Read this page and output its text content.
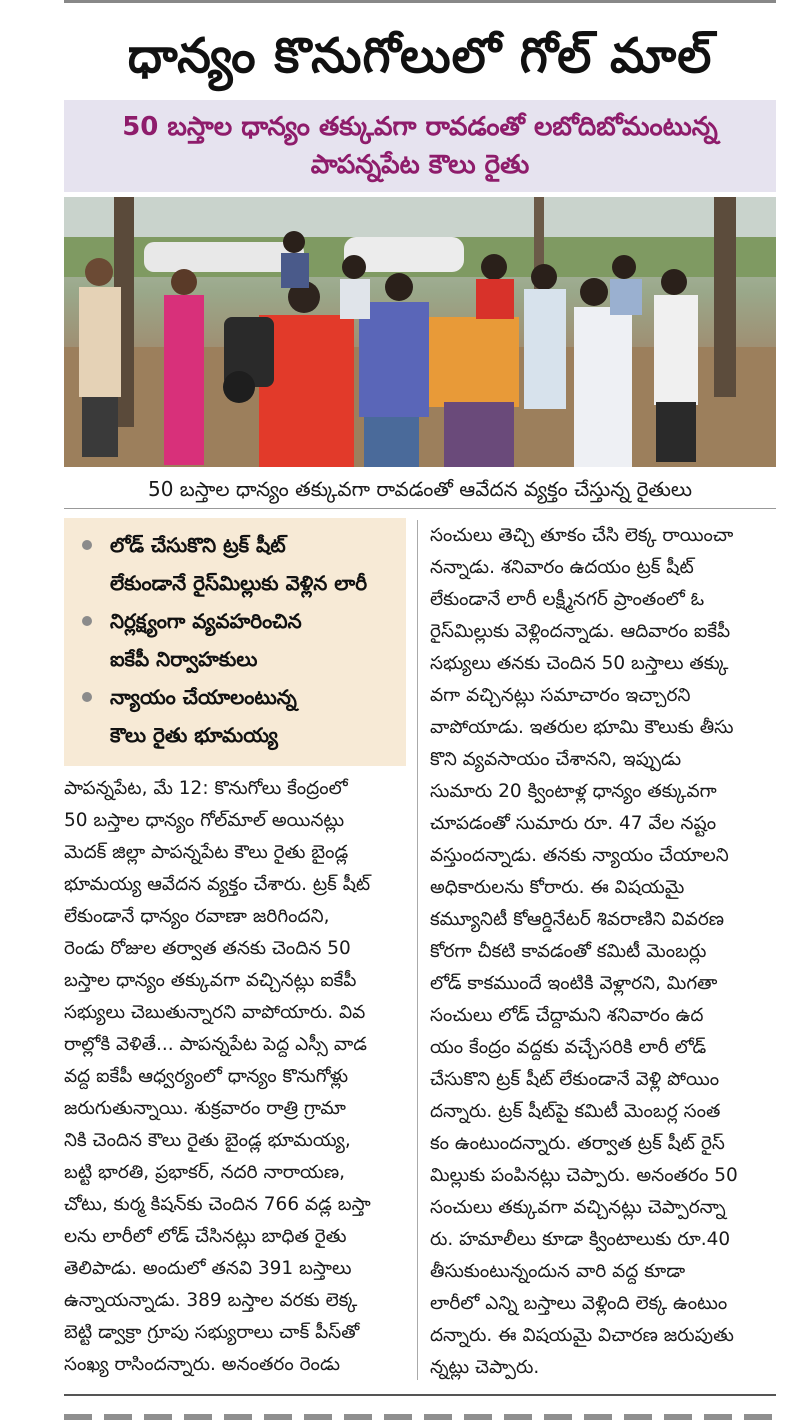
ధాన్యం కొనుగోలులో గోల్ మాల్
50 బస్తాల ధాన్యం తక్కువగా రావడంతో లబోదిబోమంటున్న
పాపన్నపేట కౌలు రైతు

50 బస్తాల ధాన్యం తక్కువగా రావడంతో ఆవేదన వ్యక్తం చేస్తున్న రైతులు

లోడ్ చేసుకొని ట్రక్ షీట్
లేకుండానే రైస్‌మిల్లుకు వెళ్లిన లారీ
నిర్లక్ష్యంగా వ్యవహరించిన
ఐకేపీ నిర్వాహకులు
న్యాయం చేయాలంటున్న
కౌలు రైతు భూమయ్య

పాపన్నపేట, మే 12: కొనుగోలు కేంద్రంలో

50 బస్తాల ధాన్యం గోల్‌మాల్ అయినట్లు

మెదక్ జిల్లా పాపన్నపేట కౌలు రైతు బైండ్ల

భూమయ్య ఆవేదన వ్యక్తం చేశారు. ట్రక్ షీట్

లేకుండానే ధాన్యం రవాణా జరిగిందని,

రెండు రోజుల తర్వాత తనకు చెందిన 50

బస్తాల ధాన్యం తక్కువగా వచ్చినట్లు ఐకేపీ

సభ్యులు చెబుతున్నారని వాపోయారు. వివ

రాల్లోకి వెళితే... పాపన్నపేట పెద్ద ఎస్సీ వాడ

వద్ద ఐకేపీ ఆధ్వర్యంలో ధాన్యం కొనుగోళ్లు

జరుగుతున్నాయి. శుక్రవారం రాత్రి గ్రామా

నికి చెందిన కౌలు రైతు బైండ్ల భూమయ్య,

బట్టి భారతి, ప్రభాకర్, నదరి నారాయణ,

చోటు, కుర్మ కిషన్‌కు చెందిన 766 వడ్ల బస్తా

లను లారీలో లోడ్ చేసినట్లు బాధిత రైతు

తెలిపాడు. అందులో తనవి 391 బస్తాలు

ఉన్నాయన్నాడు. 389 బస్తాల వరకు లెక్క

బెట్టి డ్వాక్రా గ్రూపు సభ్యురాలు చాక్ పీస్‌తో

సంఖ్య రాసిందన్నారు. అనంతరం రెండు

సంచులు తెచ్చి తూకం చేసి లెక్క రాయించా

నన్నాడు. శనివారం ఉదయం ట్రక్ షీట్

లేకుండానే లారీ లక్ష్మీనగర్ ప్రాంతంలో ఓ

రైస్‌మిల్లుకు వెళ్లిందన్నాడు. ఆదివారం ఐకేపీ

సభ్యులు తనకు చెందిన 50 బస్తాలు తక్కు

వగా వచ్చినట్లు సమాచారం ఇచ్చారని

వాపోయాడు. ఇతరుల భూమి కౌలుకు తీసు

కొని వ్యవసాయం చేశానని, ఇప్పుడు

సుమారు 20 క్వింటాళ్ల ధాన్యం తక్కువగా

చూపడంతో సుమారు రూ. 47 వేల నష్టం

వస్తుందన్నాడు. తనకు న్యాయం చేయాలని

అధికారులను కోరారు. ఈ విషయమై

కమ్యూనిటీ కోఆర్డినేటర్ శివరాణిని వివరణ

కోరగా చీకటి కావడంతో కమిటీ మెంబర్లు

లోడ్ కాకముందే ఇంటికి వెళ్లారని, మిగతా

సంచులు లోడ్ చేద్దామని శనివారం ఉద

యం కేంద్రం వద్దకు వచ్చేసరికి లారీ లోడ్

చేసుకొని ట్రక్ షీట్ లేకుండానే వెళ్లి పోయిం

దన్నారు. ట్రక్ షీట్‌పై కమిటీ మెంబర్ల సంత

కం ఉంటుందన్నారు. తర్వాత ట్రక్ షీట్ రైస్

మిల్లుకు పంపినట్లు చెప్పారు. అనంతరం 50

సంచులు తక్కువగా వచ్చినట్లు చెప్పారన్నా

రు. హమాలీలు కూడా క్వింటాలుకు రూ.40

తీసుకుంటున్నందున వారి వద్ద కూడా

లారీలో ఎన్ని బస్తాలు వెళ్లింది లెక్క ఉంటుం

దన్నారు. ఈ విషయమై విచారణ జరుపుతు

న్నట్లు చెప్పారు.
